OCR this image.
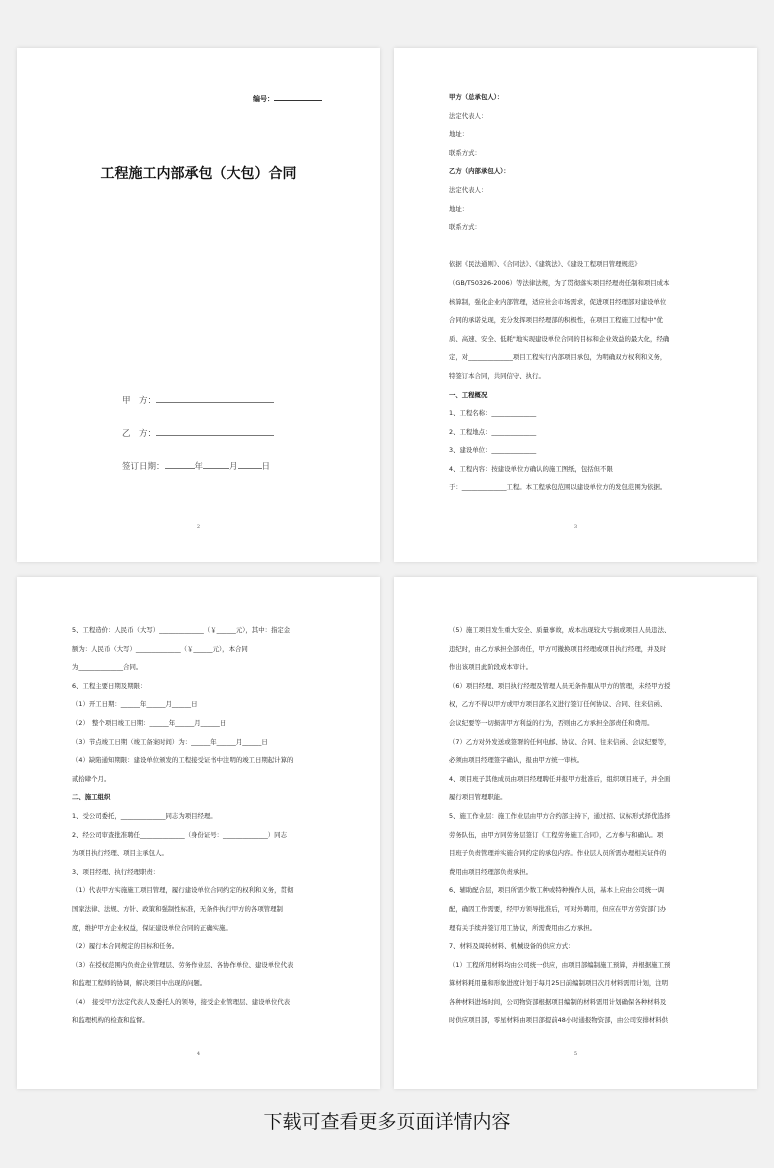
编号：
工程施工内部承包（大包）合同

甲　方：
乙　方：
签订日期：	年	月	日
2
甲方（总承包人）：
法定代表人：
地址：
联系方式：
乙方（内部承包人）：
法定代表人：
地址：
联系方式：

依据《民法通则》、《合同法》、《建筑法》、《建设工程项目管理规范》
（GB/T50326-2006）等法律法规，为了贯彻落实项目经理责任制和项目成本
核算制，强化企业内部管理，适应社会市场需求，促进项目经理部对建设单位
合同的承诺兑现，充分发挥项目经理部的积极性，在项目工程施工过程中"优
质、高速、安全、低耗"地实现建设单位合同的目标和企业效益的最大化，经确
定，对______________项目工程实行内部项目承包，为明确双方权利和义务，
特签订本合同，共同信守、执行。
一、工程概况
1、工程名称：______________
2、工程地点：______________
3、建设单位：______________
4、工程内容：按建设单位方确认的施工图纸，包括但不限
于：______________工程。本工程承包范围以建设单位方的发包范围为依据。
3

5、工程造价：人民币（大写）______________（￥______元），其中：指定金
额为：人民币（大写）______________（￥______元），本合同
为______________合同。
6、工程主要日期及期限：
（1）开工日期：______年______月______日
（2）　整个项目竣工日期：______年______月______日
（3）节点竣工日期（竣工备案时间）为：______年______月______日
（4）缺陷通知期限：建设单位颁发的工程接受证书中注明的竣工日期起计算的
贰拾肆个月。
二、施工组织
1、受公司委托，______________同志为项目经理。
2、经公司审查批准聘任______________（身份证号：______________）同志
为项目执行经理、项目主承包人。
3、项目经理、执行经理职责：
（1）代表甲方实施施工项目管理，履行建设单位合同约定的权利和义务，贯彻
国家法律、法规、方针、政策和强制性标准，无条件执行甲方的各项管理制
度，维护甲方企业权益，保证建设单位合同的正确实施。
（2）履行本合同规定的目标和任务。
（3）在授权范围内负责企业管理层、劳务作业层、各协作单位、建设单位代表
和监理工程师的协调，解决项目中出现的问题。
（4）　接受甲方法定代表人及委托人的领导，接受企业管理层、建设单位代表
和监理机构的检查和监督。
4
（5）施工项目发生重大安全、质量事故，成本出现较大亏损或项目人员违法、
违纪时，由乙方承担全部责任，甲方可撤换项目经理或项目执行经理，并及时
作出该项目此阶段成本审计。
（6）项目经理、项目执行经理及管理人员无条件服从甲方的管理，未经甲方授
权，乙方不得以甲方或甲方项目部名义进行签订任何协议、合同、往来信函、
会议纪要等一切损害甲方利益的行为，否则由乙方承担全部责任和费用。
（7）乙方对外发送或签署的任何电邮、协议、合同、往来信函、会议纪要等，
必须由项目经理签字确认，报由甲方统一审核。
4、项目班子其他成员由项目经理聘任并报甲方批准后，组织项目班子，并全面
履行项目管理职能。
5、施工作业层：施工作业层由甲方合约部主持下，通过招、议标形式择优选择
劳务队伍，由甲方同劳务层签订《工程劳务施工合同》，乙方参与和确认。项
目班子负责管理并实施合同约定的承包内容。作业层人员所需办理相关证件的
费用由项目经理部负责承担。
6、辅助配合层，项目所需少数工种或特种操作人员，基本上应由公司统一调
配，确因工作需要，经甲方领导批准后，可对外聘用，但应在甲方劳资部门办
理有关手续并签订用工协议，所需费用由乙方承担。
7、材料及周转材料、机械设备的供应方式：
（1）工程所用材料均由公司统一供应，由项目部编制施工预算，并根据施工预
算材料耗用量和形象进度计划于每月25日前编制项目次月材料需用计划，注明
各种材料进场时间，公司物资部根据项目编制的材料需用计划确保各种材料及
时供应项目部，零星材料由项目部提前48小时通报物资部，由公司安排材料供
5
下载可查看更多页面详情内容
